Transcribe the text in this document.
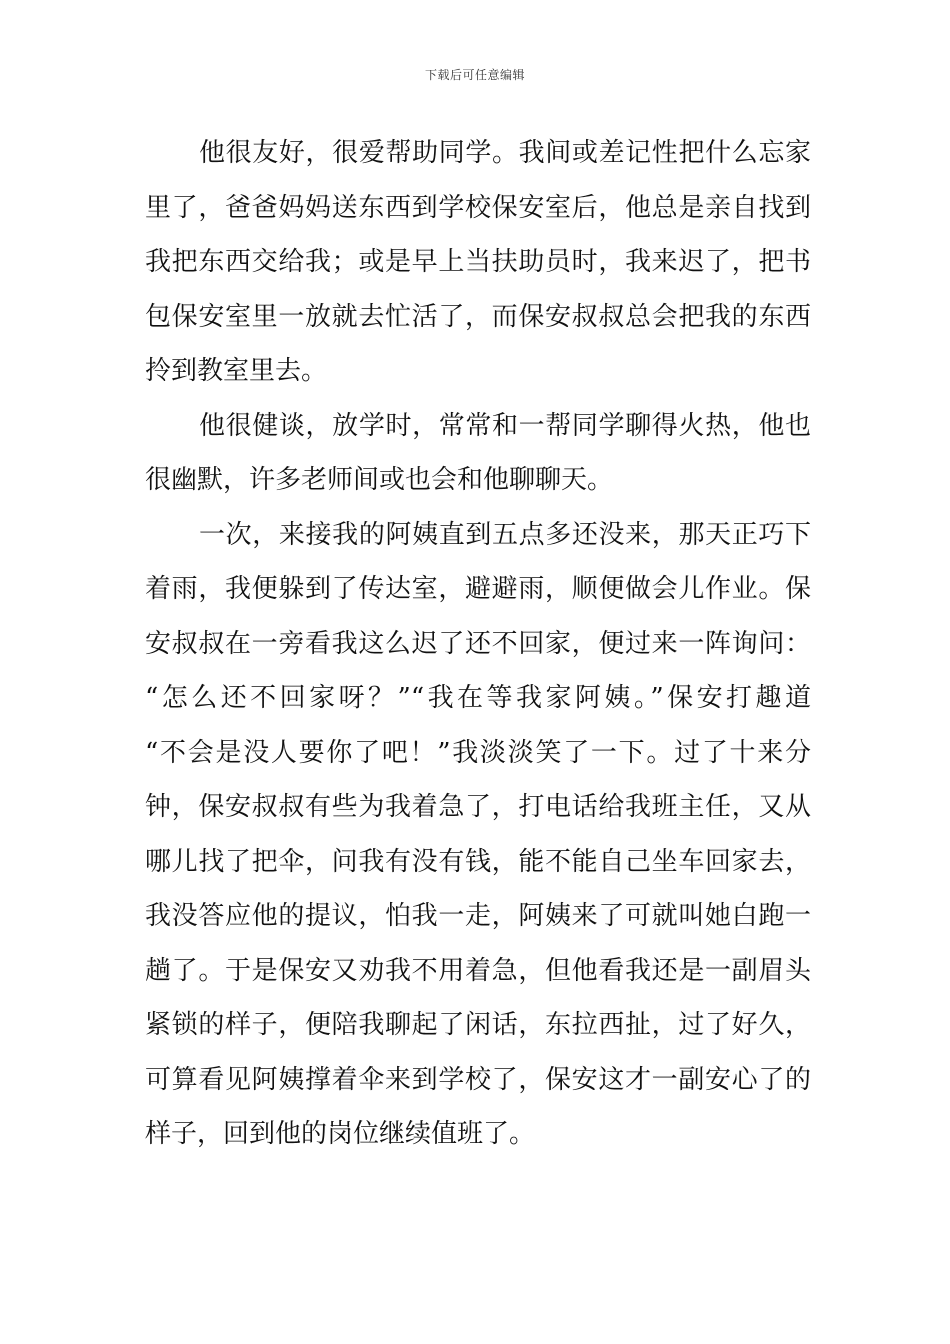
下载后可任意编辑
他很友好，很爱帮助同学。我间或差记性把什么忘家
里了，爸爸妈妈送东西到学校保安室后，他总是亲自找到
我把东西交给我；或是早上当扶助员时，我来迟了，把书
包保安室里一放就去忙活了，而保安叔叔总会把我的东西
拎到教室里去。
他很健谈，放学时，常常和一帮同学聊得火热，他也
很幽默，许多老师间或也会和他聊聊天。
一次，来接我的阿姨直到五点多还没来，那天正巧下
着雨，我便躲到了传达室，避避雨，顺便做会儿作业。保
安叔叔在一旁看我这么迟了还不回家，便过来一阵询问：
“怎么还不回家呀？”“我在等我家阿姨。”保安打趣道
“不会是没人要你了吧！”我淡淡笑了一下。过了十来分
钟，保安叔叔有些为我着急了，打电话给我班主任，又从
哪儿找了把伞，问我有没有钱，能不能自己坐车回家去，
我没答应他的提议，怕我一走，阿姨来了可就叫她白跑一
趟了。于是保安又劝我不用着急，但他看我还是一副眉头
紧锁的样子，便陪我聊起了闲话，东拉西扯，过了好久，
可算看见阿姨撑着伞来到学校了，保安这才一副安心了的
样子，回到他的岗位继续值班了。
